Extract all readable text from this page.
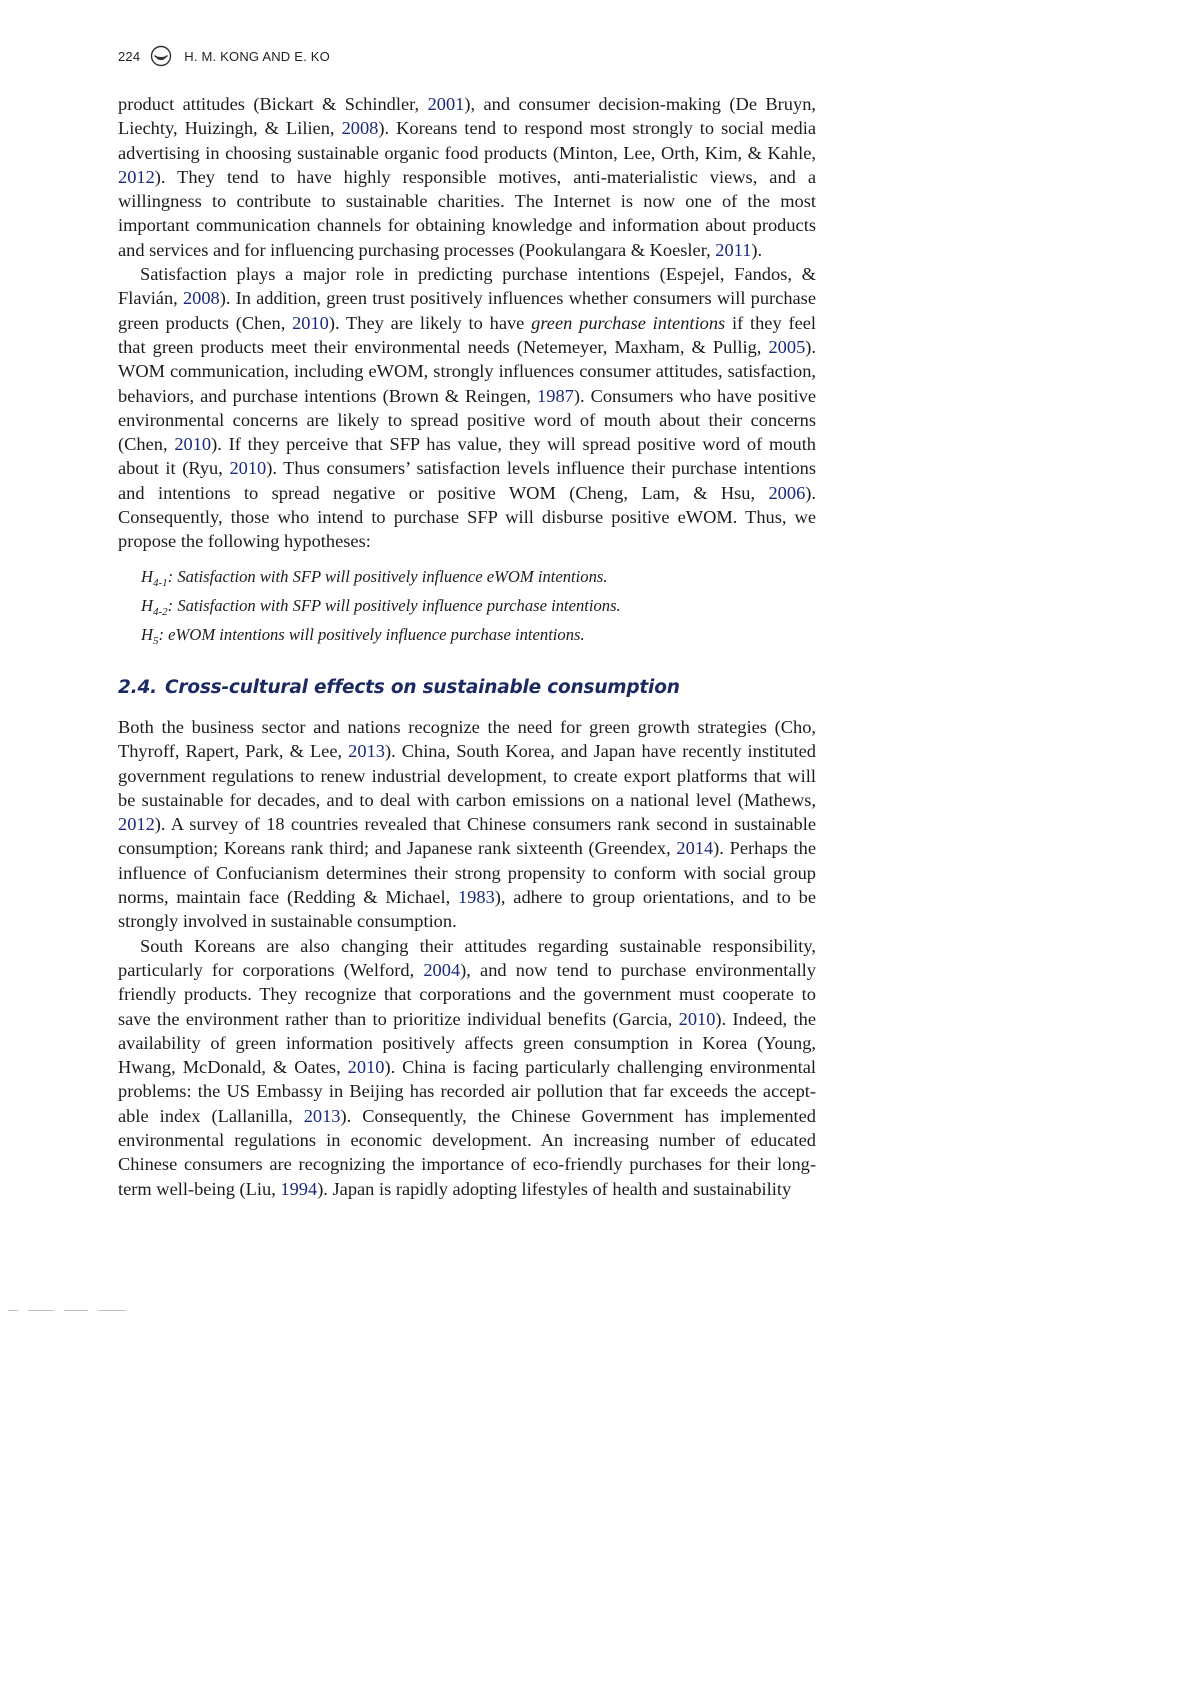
224	H. M. KONG AND E. KO

product attitudes (Bickart & Schindler, 2001), and consumer decision-making (De Bruyn, Liechty, Huizingh, & Lilien, 2008). Koreans tend to respond most strongly to social media advertising in choosing sustainable organic food products (Minton, Lee, Orth, Kim, & Kahle, 2012). They tend to have highly responsible motives, anti-materialistic views, and a willingness to contribute to sustainable charities. The Internet is now one of the most important communication channels for obtaining knowledge and information about products and services and for influencing purchasing processes (Pookulangara & Koesler, 2011).

Satisfaction plays a major role in predicting purchase intentions (Espejel, Fandos, & Flavián, 2008). In addition, green trust positively influences whether consumers will purchase green products (Chen, 2010). They are likely to have green purchase intentions if they feel that green products meet their environmental needs (Netemeyer, Maxham, & Pullig, 2005). WOM communication, including eWOM, strongly influences consumer attitudes, satisfaction, behaviors, and purchase intentions (Brown & Reingen, 1987). Consumers who have positive environmental concerns are likely to spread positive word of mouth about their concerns (Chen, 2010). If they perceive that SFP has value, they will spread positive word of mouth about it (Ryu, 2010). Thus consumers’ satisfaction levels influence their purchase intentions and intentions to spread negative or positive WOM (Cheng, Lam, & Hsu, 2006). Consequently, those who intend to purchase SFP will disburse positive eWOM. Thus, we propose the following hypotheses:

$H_{4-1}$: Satisfaction with SFP will positively influence eWOM intentions.
$H_{4-2}$: Satisfaction with SFP will positively influence purchase intentions.
$H_5$: eWOM intentions will positively influence purchase intentions.
2.4. Cross-cultural effects on sustainable consumption

Both the business sector and nations recognize the need for green growth strategies (Cho, Thyroff, Rapert, Park, & Lee, 2013). China, South Korea, and Japan have recently instituted government regulations to renew industrial development, to create export platforms that will be sustainable for decades, and to deal with carbon emissions on a national level (Mathews, 2012). A survey of 18 countries revealed that Chinese consumers rank second in sustainable consumption; Koreans rank third; and Japanese rank sixteenth (Greendex, 2014). Perhaps the influence of Confucianism determines their strong propensity to conform with social group norms, maintain face (Redding & Michael, 1983), adhere to group orientations, and to be strongly involved in sustainable consumption.

South Koreans are also changing their attitudes regarding sustainable responsibility, particularly for corporations (Welford, 2004), and now tend to purchase environmentally friendly products. They recognize that corporations and the government must cooperate to save the environment rather than to prioritize individual benefits (Garcia, 2010). Indeed, the availability of green information positively affects green consumption in Korea (Young, Hwang, McDonald, & Oates, 2010). China is facing particularly challenging environmental problems: the US Embassy in Beijing has recorded air pollution that far exceeds the acceptable index (Lallanilla, 2013). Consequently, the Chinese Government has implemented environmental regulations in economic development. An increasing number of educated Chinese consumers are recognizing the importance of eco-friendly purchases for their long-term well-being (Liu, 1994). Japan is rapidly adopting lifestyles of health and sustainability
